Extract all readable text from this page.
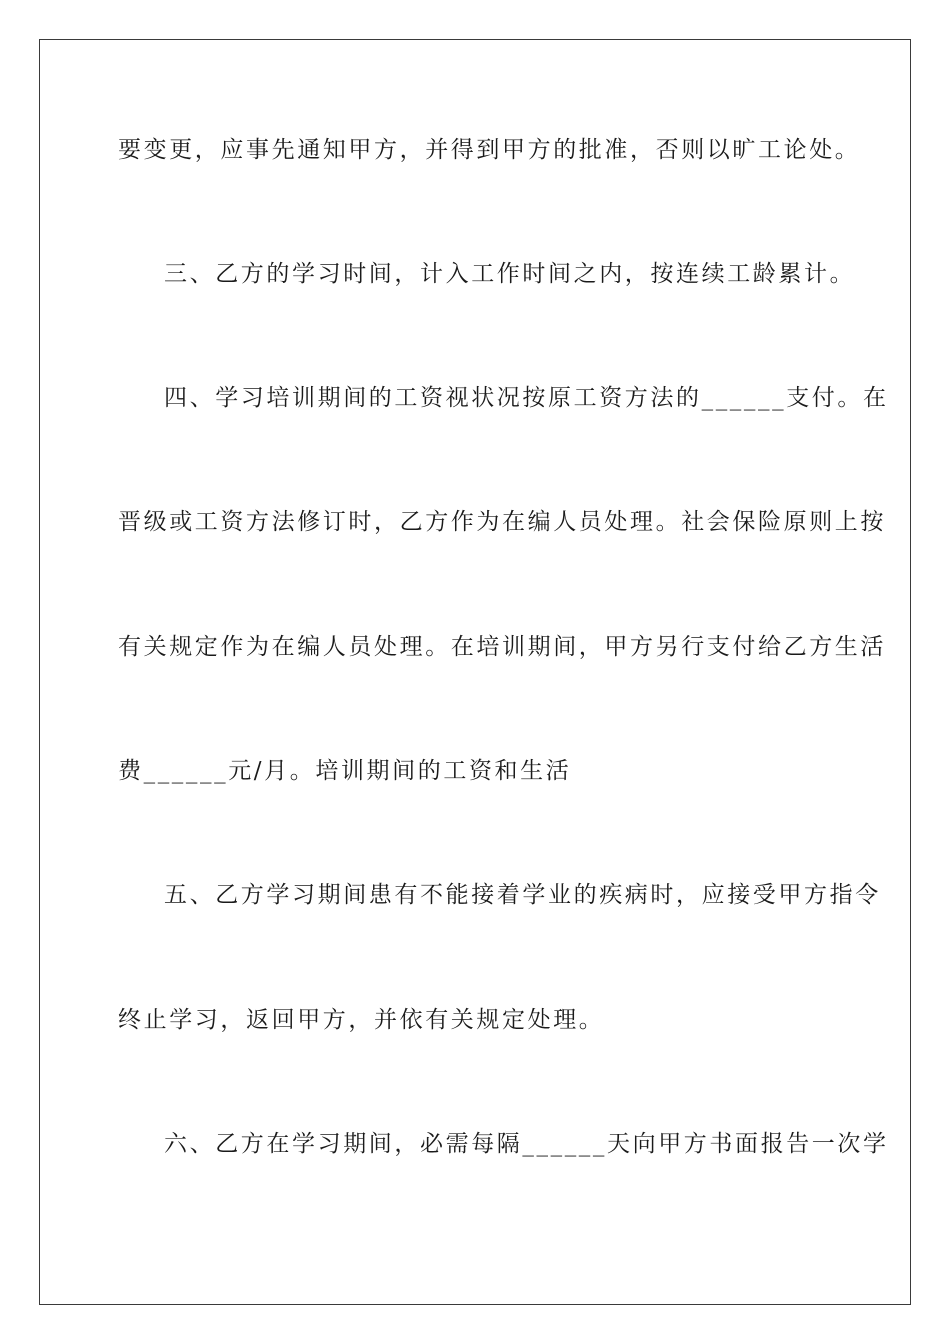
要变更，应事先通知甲方，并得到甲方的批准，否则以旷工论处。
三、乙方的学习时间，计入工作时间之内，按连续工龄累计。
四、学习培训期间的工资视状况按原工资方法的______支付。在
晋级或工资方法修订时，乙方作为在编人员处理。社会保险原则上按
有关规定作为在编人员处理。在培训期间，甲方另行支付给乙方生活
费______元/月。培训期间的工资和生活
五、乙方学习期间患有不能接着学业的疾病时，应接受甲方指令
终止学习，返回甲方，并依有关规定处理。
六、乙方在学习期间，必需每隔______天向甲方书面报告一次学
